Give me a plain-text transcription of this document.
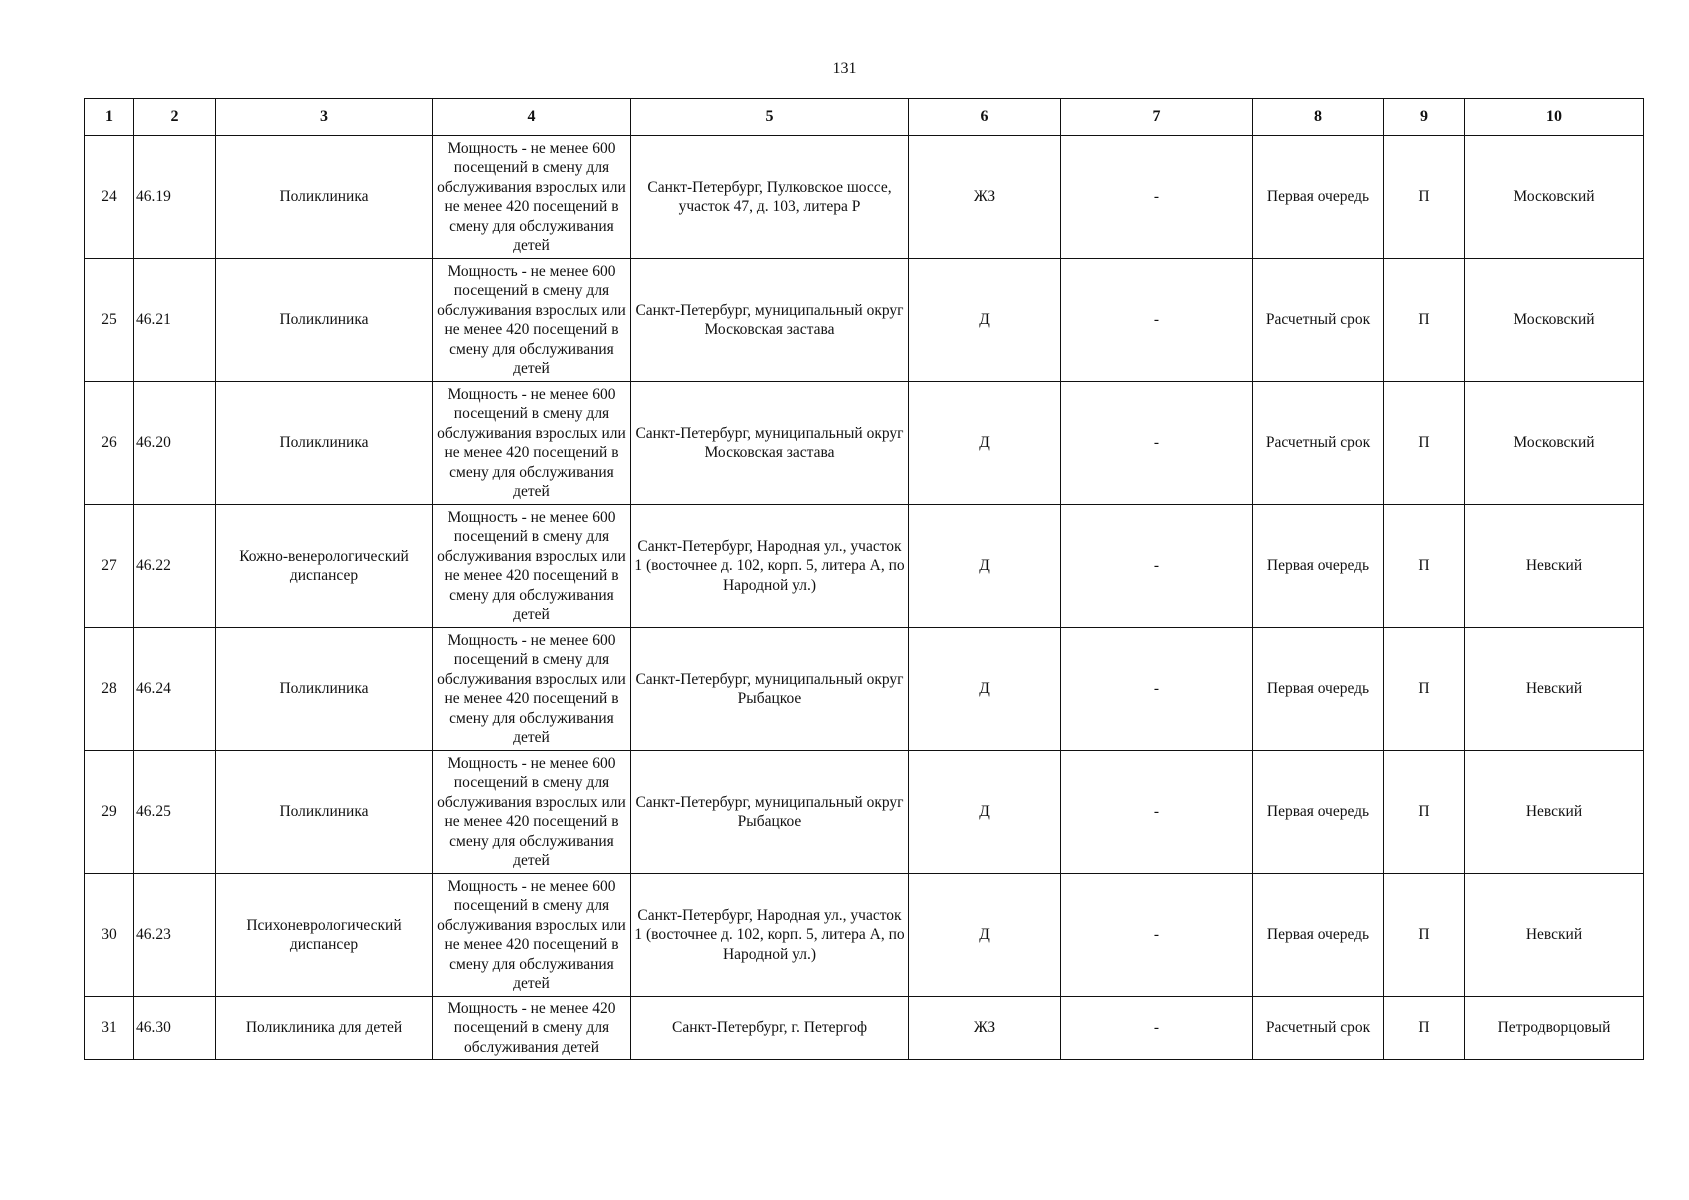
131
1	2	3	4	5	6	7	8	9	10
24	46.19	Поликлиника	Мощность - не менее 600 посещений в смену для обслуживания взрослых или не менее 420 посещений в смену для обслуживания детей	Санкт-Петербург, Пулковское шоссе, участок 47, д. 103, литера Р	ЖЗ	-	Первая очередь	П	Московский
25	46.21	Поликлиника	Мощность - не менее 600 посещений в смену для обслуживания взрослых или не менее 420 посещений в смену для обслуживания детей	Санкт-Петербург, муниципальный округ Московская застава	Д	-	Расчетный срок	П	Московский
26	46.20	Поликлиника	Мощность - не менее 600 посещений в смену для обслуживания взрослых или не менее 420 посещений в смену для обслуживания детей	Санкт-Петербург, муниципальный округ Московская застава	Д	-	Расчетный срок	П	Московский
27	46.22	Кожно-венерологический диспансер	Мощность - не менее 600 посещений в смену для обслуживания взрослых или не менее 420 посещений в смену для обслуживания детей	Санкт-Петербург, Народная ул., участок 1 (восточнее д. 102, корп. 5, литера А, по Народной ул.)	Д	-	Первая очередь	П	Невский
28	46.24	Поликлиника	Мощность - не менее 600 посещений в смену для обслуживания взрослых или не менее 420 посещений в смену для обслуживания детей	Санкт-Петербург, муниципальный округ Рыбацкое	Д	-	Первая очередь	П	Невский
29	46.25	Поликлиника	Мощность - не менее 600 посещений в смену для обслуживания взрослых или не менее 420 посещений в смену для обслуживания детей	Санкт-Петербург, муниципальный округ Рыбацкое	Д	-	Первая очередь	П	Невский
30	46.23	Психоневрологический диспансер	Мощность - не менее 600 посещений в смену для обслуживания взрослых или не менее 420 посещений в смену для обслуживания детей	Санкт-Петербург, Народная ул., участок 1 (восточнее д. 102, корп. 5, литера А, по Народной ул.)	Д	-	Первая очередь	П	Невский
31	46.30	Поликлиника для детей	Мощность - не менее 420 посещений в смену для обслуживания детей	Санкт-Петербург, г. Петергоф	ЖЗ	-	Расчетный срок	П	Петродворцовый
